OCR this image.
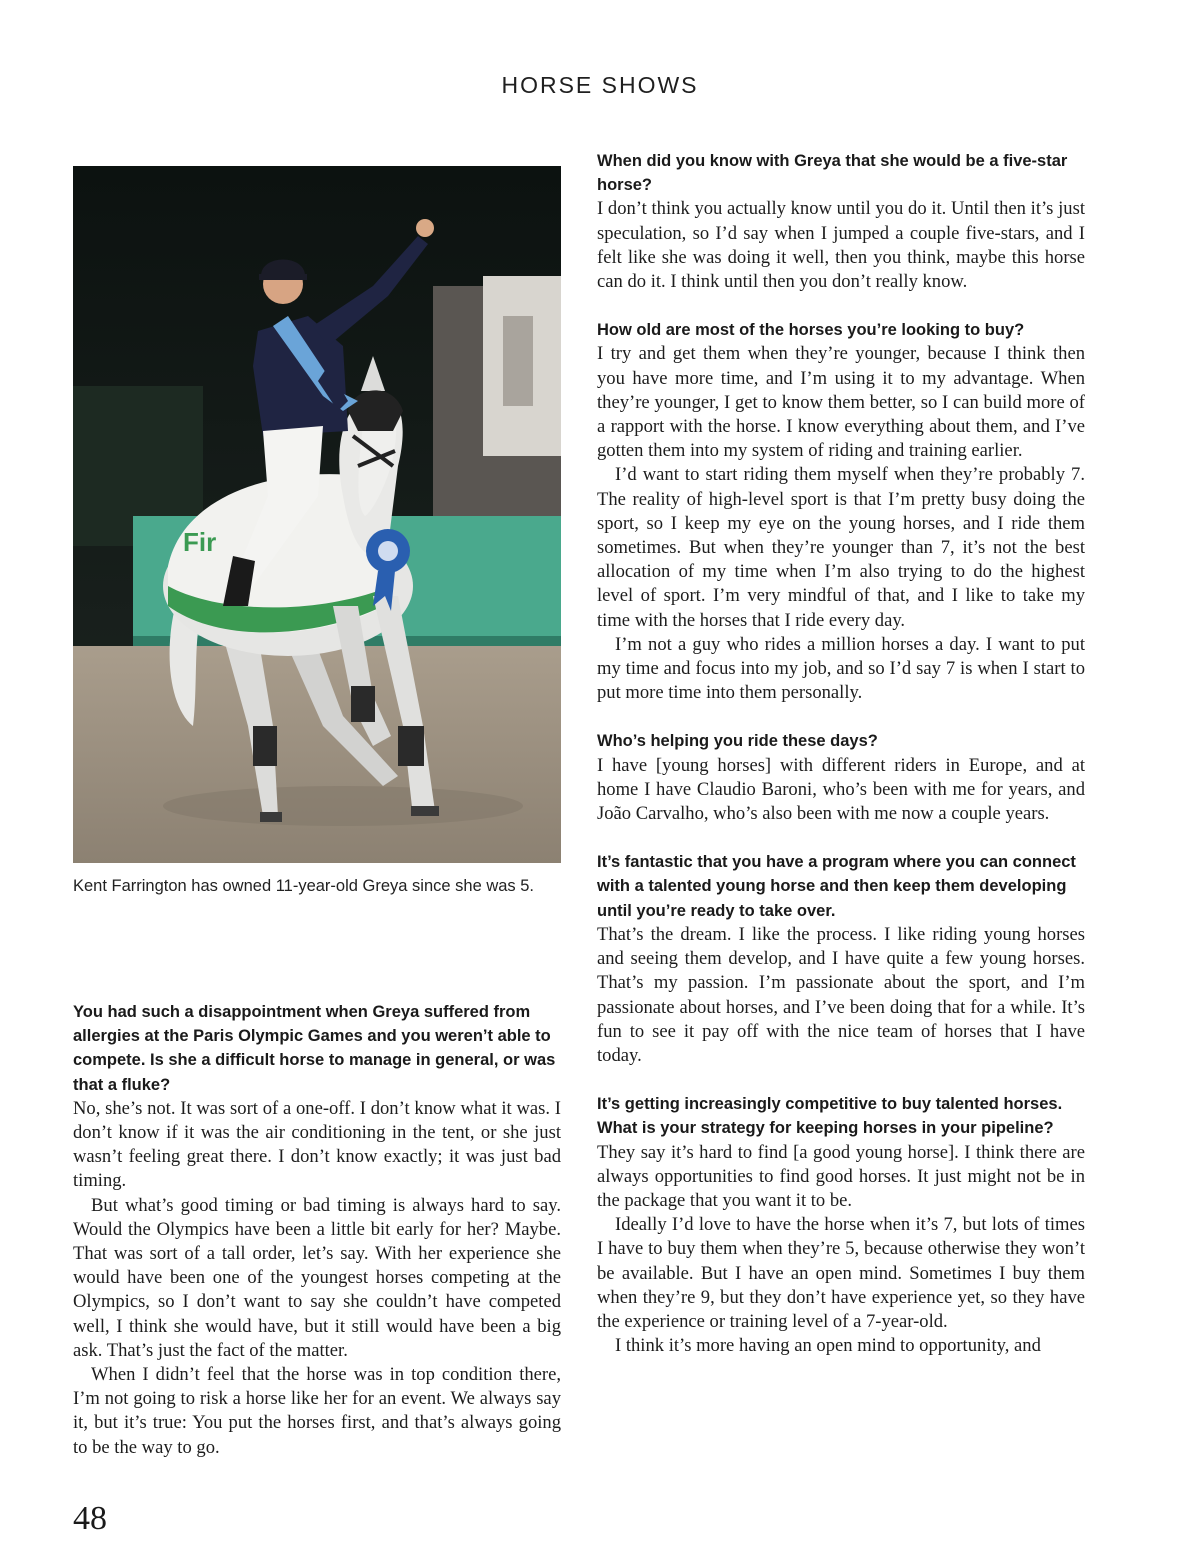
HORSE SHOWS
Fir
Kent Farrington has owned 11-year-old Greya since she was 5.

You had such a disappointment when Greya suffered from allergies at the Paris Olympic Games and you weren’t able to compete. Is she a difficult horse to manage in general, or was that a fluke?

No, she’s not. It was sort of a one-off. I don’t know what it was. I don’t know if it was the air conditioning in the tent, or she just wasn’t feeling great there. I don’t know exactly; it was just bad timing.

But what’s good timing or bad timing is always hard to say. Would the Olympics have been a little bit early for her? Maybe. That was sort of a tall order, let’s say. With her experience she would have been one of the youngest horses competing at the Olympics, so I don’t want to say she couldn’t have competed well, I think she would have, but it still would have been a big ask. That’s just the fact of the matter.

When I didn’t feel that the horse was in top condition there, I’m not going to risk a horse like her for an event. We always say it, but it’s true: You put the horses first, and that’s always going to be the way to go.

When did you know with Greya that she would be a five-star horse?

I don’t think you actually know until you do it. Until then it’s just speculation, so I’d say when I jumped a couple five-stars, and I felt like she was doing it well, then you think, maybe this horse can do it. I think until then you don’t really know.

How old are most of the horses you’re looking to buy?

I try and get them when they’re younger, because I think then you have more time, and I’m using it to my advantage. When they’re younger, I get to know them better, so I can build more of a rapport with the horse. I know everything about them, and I’ve gotten them into my system of riding and training earlier.

I’d want to start riding them myself when they’re probably 7. The reality of high-level sport is that I’m pretty busy doing the sport, so I keep my eye on the young horses, and I ride them sometimes. But when they’re younger than 7, it’s not the best allocation of my time when I’m also trying to do the highest level of sport. I’m very mindful of that, and I like to take my time with the horses that I ride every day.

I’m not a guy who rides a million horses a day. I want to put my time and focus into my job, and so I’d say 7 is when I start to put more time into them personally.

Who’s helping you ride these days?

I have [young horses] with different riders in Europe, and at home I have Claudio Baroni, who’s been with me for years, and João Carvalho, who’s also been with me now a couple years.

It’s fantastic that you have a program where you can connect with a talented young horse and then keep them developing until you’re ready to take over.

That’s the dream. I like the process. I like riding young horses and seeing them develop, and I have quite a few young horses. That’s my passion. I’m passionate about the sport, and I’m passionate about horses, and I’ve been doing that for a while. It’s fun to see it pay off with the nice team of horses that I have today.

It’s getting increasingly competitive to buy talented horses. What is your strategy for keeping horses in your pipeline?

They say it’s hard to find [a good young horse]. I think there are always opportunities to find good horses. It just might not be in the package that you want it to be.

Ideally I’d love to have the horse when it’s 7, but lots of times I have to buy them when they’re 5, because otherwise they won’t be available. But I have an open mind. Sometimes I buy them when they’re 9, but they don’t have experience yet, so they have the experience or training level of a 7-year-old.

I think it’s more having an open mind to opportunity, and

48
